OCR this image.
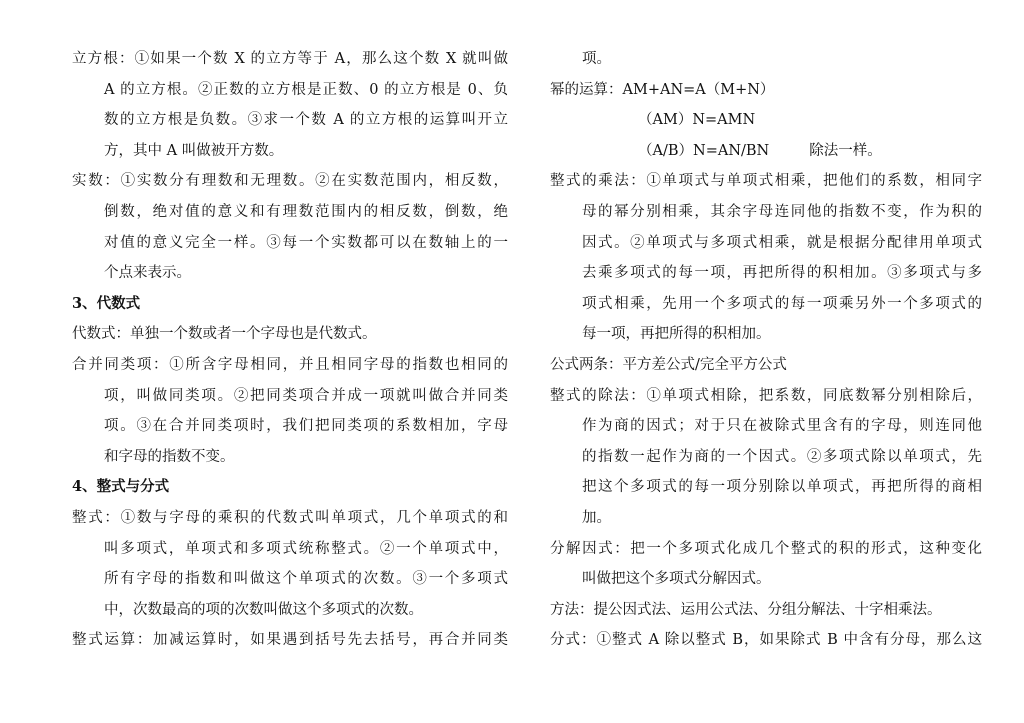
立方根：①如果一个数 X 的立方等于 A，那么这个数 X 就叫做
A 的立方根。②正数的立方根是正数、0 的立方根是 0、负
数的立方根是负数。③求一个数 A 的立方根的运算叫开立
方，其中 A 叫做被开方数。
实数：①实数分有理数和无理数。②在实数范围内，相反数，
倒数，绝对值的意义和有理数范围内的相反数，倒数，绝
对值的意义完全一样。③每一个实数都可以在数轴上的一
个点来表示。
3、代数式
代数式：单独一个数或者一个字母也是代数式。
合并同类项：①所含字母相同，并且相同字母的指数也相同的
项，叫做同类项。②把同类项合并成一项就叫做合并同类
项。③在合并同类项时，我们把同类项的系数相加，字母
和字母的指数不变。
4、整式与分式
整式：①数与字母的乘积的代数式叫单项式，几个单项式的和
叫多项式，单项式和多项式统称整式。②一个单项式中，
所有字母的指数和叫做这个单项式的次数。③一个多项式
中，次数最高的项的次数叫做这个多项式的次数。
整式运算：加减运算时，如果遇到括号先去括号，再合并同类
项。
幂的运算：AM+AN=A（M+N）
（AM）N=AMN
（A/B）N=AN/BN	除法一样。
整式的乘法：①单项式与单项式相乘，把他们的系数，相同字
母的幂分别相乘，其余字母连同他的指数不变，作为积的
因式。②单项式与多项式相乘，就是根据分配律用单项式
去乘多项式的每一项，再把所得的积相加。③多项式与多
项式相乘，先用一个多项式的每一项乘另外一个多项式的
每一项，再把所得的积相加。
公式两条：平方差公式/完全平方公式
整式的除法：①单项式相除，把系数，同底数幂分别相除后，
作为商的因式；对于只在被除式里含有的字母，则连同他
的指数一起作为商的一个因式。②多项式除以单项式，先
把这个多项式的每一项分别除以单项式，再把所得的商相
加。
分解因式：把一个多项式化成几个整式的积的形式，这种变化
叫做把这个多项式分解因式。
方法：提公因式法、运用公式法、分组分解法、十字相乘法。
分式：①整式 A 除以整式 B，如果除式 B 中含有分母，那么这
